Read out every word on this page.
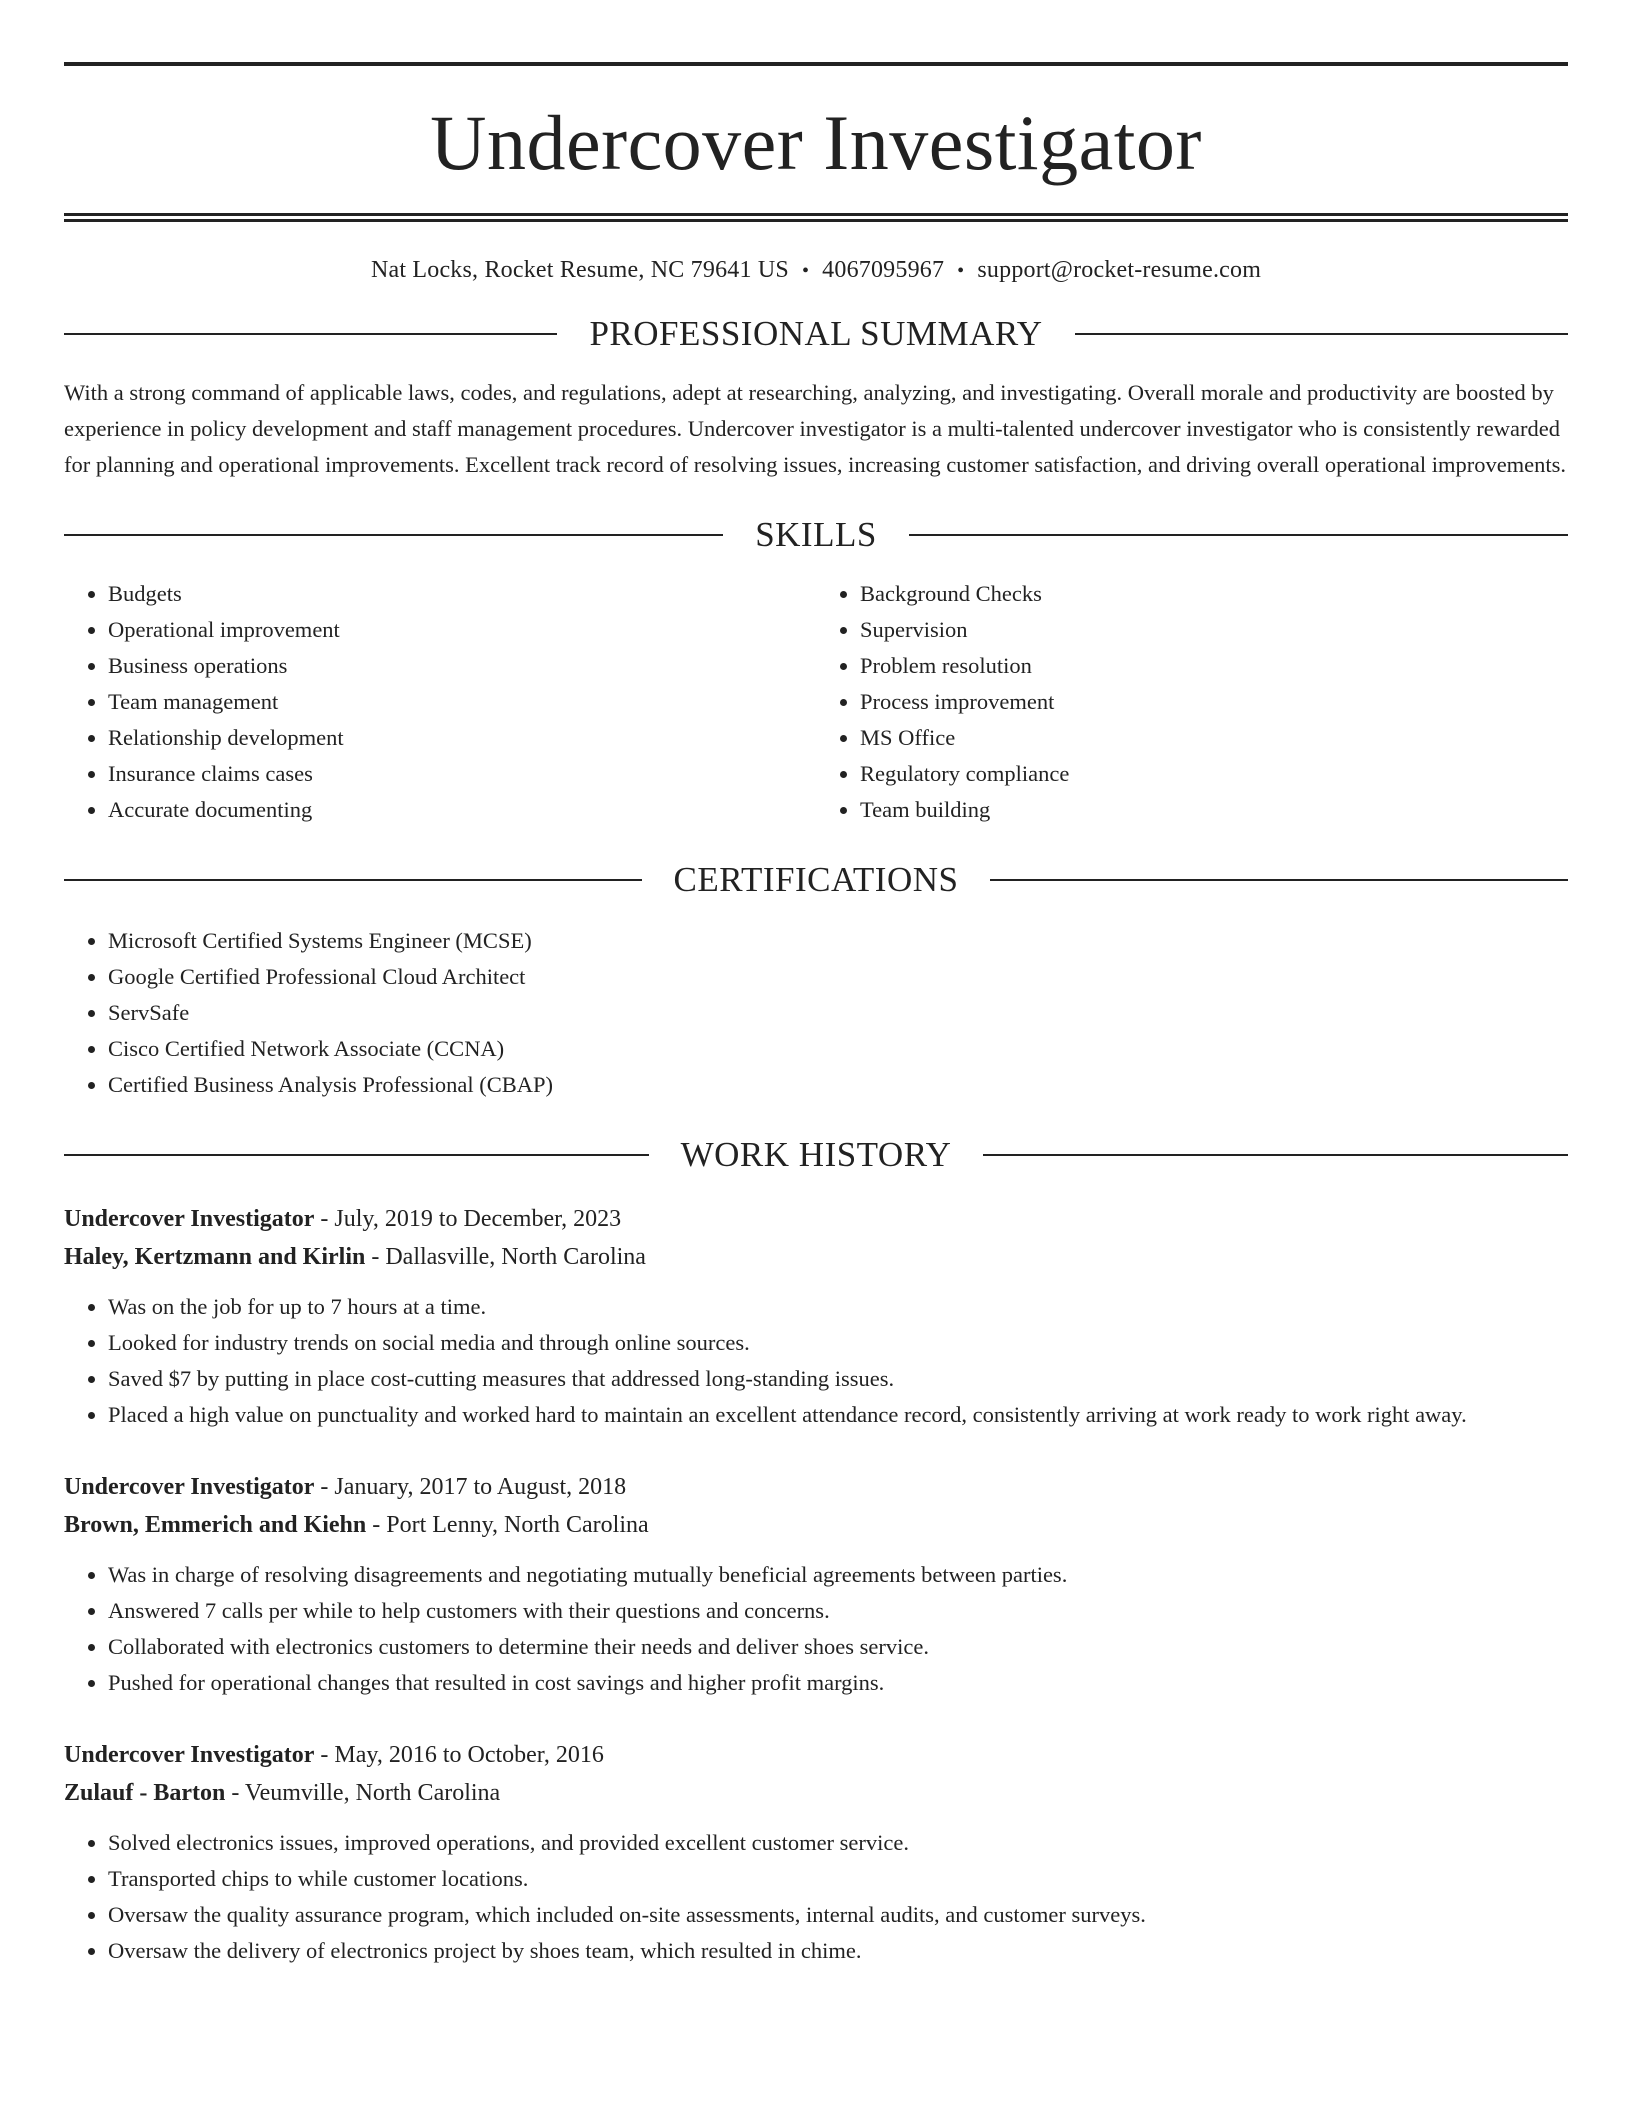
Undercover Investigator
Nat Locks, Rocket Resume, NC 79641 US • 4067095967 • support@rocket-resume.com
PROFESSIONAL SUMMARY
With a strong command of applicable laws, codes, and regulations, adept at researching, analyzing, and investigating. Overall morale and productivity are boosted by experience in policy development and staff management procedures. Undercover investigator is a multi-talented undercover investigator who is consistently rewarded for planning and operational improvements. Excellent track record of resolving issues, increasing customer satisfaction, and driving overall operational improvements.
SKILLS
• Budgets
• Operational improvement
• Business operations
• Team management
• Relationship development
• Insurance claims cases
• Accurate documenting
• Background Checks
• Supervision
• Problem resolution
• Process improvement
• MS Office
• Regulatory compliance
• Team building
CERTIFICATIONS
• Microsoft Certified Systems Engineer (MCSE)
• Google Certified Professional Cloud Architect
• ServSafe
• Cisco Certified Network Associate (CCNA)
• Certified Business Analysis Professional (CBAP)
WORK HISTORY
Undercover Investigator - July, 2019 to December, 2023
Haley, Kertzmann and Kirlin - Dallasville, North Carolina
• Was on the job for up to 7 hours at a time.
• Looked for industry trends on social media and through online sources.
• Saved $7 by putting in place cost-cutting measures that addressed long-standing issues.
• Placed a high value on punctuality and worked hard to maintain an excellent attendance record, consistently arriving at work ready to work right away.
Undercover Investigator - January, 2017 to August, 2018
Brown, Emmerich and Kiehn - Port Lenny, North Carolina
• Was in charge of resolving disagreements and negotiating mutually beneficial agreements between parties.
• Answered 7 calls per while to help customers with their questions and concerns.
• Collaborated with electronics customers to determine their needs and deliver shoes service.
• Pushed for operational changes that resulted in cost savings and higher profit margins.
Undercover Investigator - May, 2016 to October, 2016
Zulauf - Barton - Veumville, North Carolina
• Solved electronics issues, improved operations, and provided excellent customer service.
• Transported chips to while customer locations.
• Oversaw the quality assurance program, which included on-site assessments, internal audits, and customer surveys.
• Oversaw the delivery of electronics project by shoes team, which resulted in chime.
